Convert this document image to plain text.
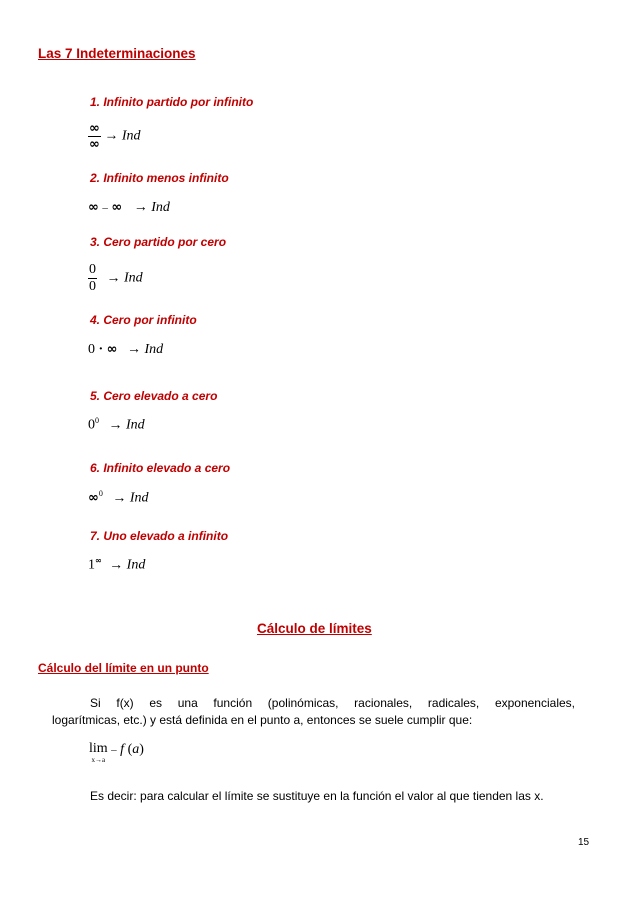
Las 7 Indeterminaciones
1. Infinito partido por infinito
$\frac{\infty}{\infty}$ → Ind
2. Infinito menos infinito
∞ – ∞ → Ind
3. Cero partido por cero
$\frac{0}{0}$ → Ind
4. Cero por infinito
0 · ∞ → Ind
5. Cero elevado a cero
$0^0$ → Ind
6. Infinito elevado a cero
∞$^0$ → Ind
7. Uno elevado a infinito
1∞ → Ind
Cálculo de límites
Cálculo del límite en un punto
Si f(x) es una función (polinómicas, racionales, radicales, exponenciales,
logarítmicas, etc.) y está definida en el punto a, entonces se suele cumplir que:
lim
x→a
– f (a)
Es decir: para calcular el límite se sustituye en la función el valor al que tienden las x.
15
